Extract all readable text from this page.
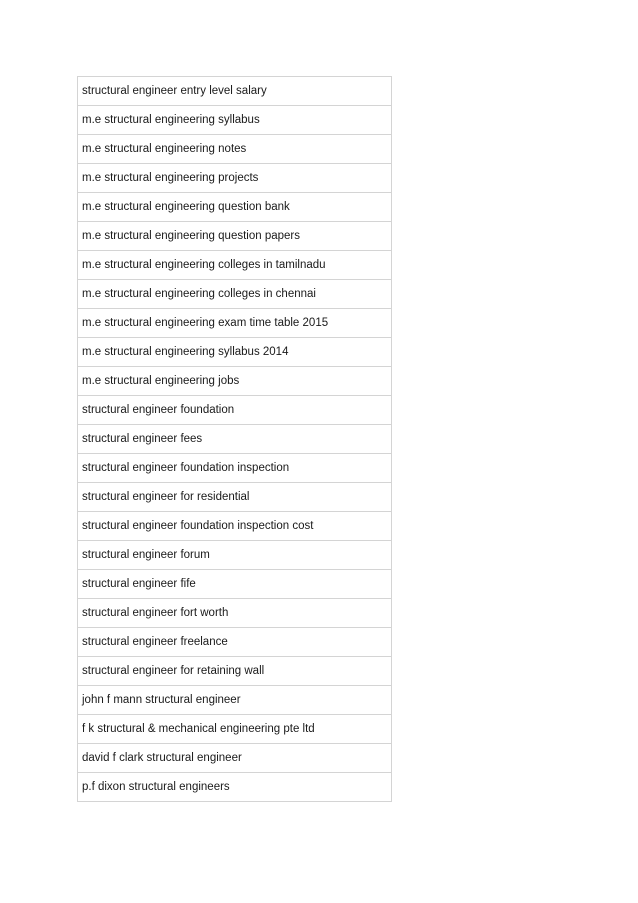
structural engineer entry level salary
m.e structural engineering syllabus
m.e structural engineering notes
m.e structural engineering projects
m.e structural engineering question bank
m.e structural engineering question papers
m.e structural engineering colleges in tamilnadu
m.e structural engineering colleges in chennai
m.e structural engineering exam time table 2015
m.e structural engineering syllabus 2014
m.e structural engineering jobs
structural engineer foundation
structural engineer fees
structural engineer foundation inspection
structural engineer for residential
structural engineer foundation inspection cost
structural engineer forum
structural engineer fife
structural engineer fort worth
structural engineer freelance
structural engineer for retaining wall
john f mann structural engineer
f k structural & mechanical engineering pte ltd
david f clark structural engineer
p.f dixon structural engineers
